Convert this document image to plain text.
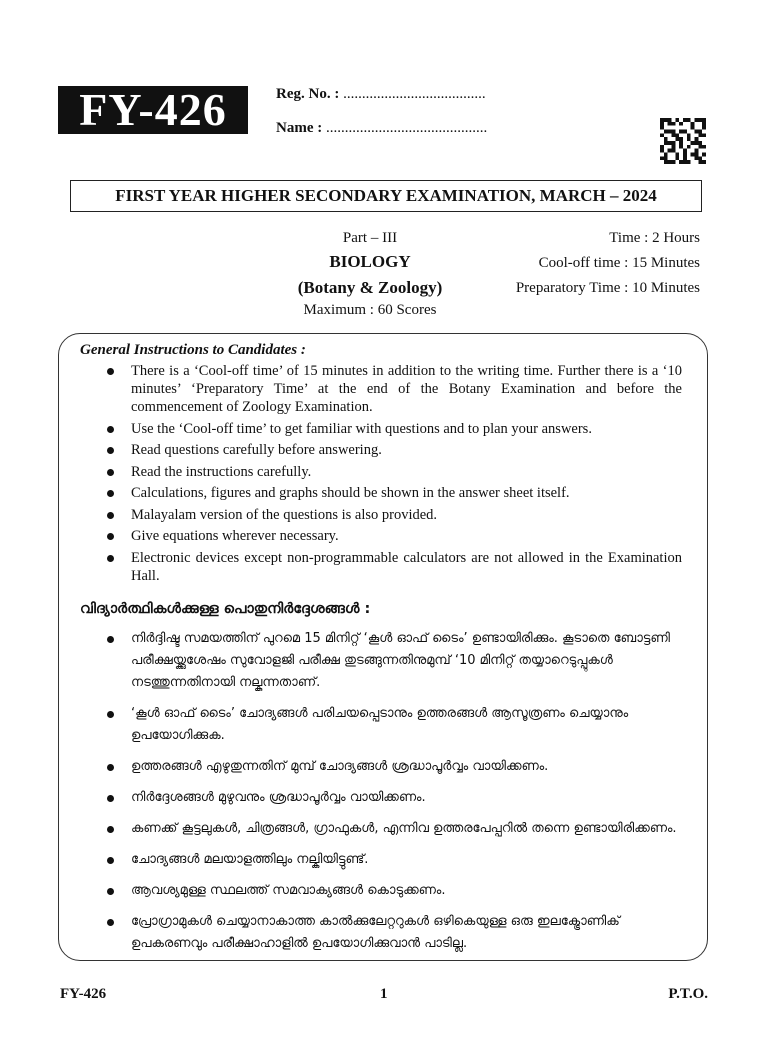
FY-426	Reg. No. : ......................................
Name : ...........................................
FIRST YEAR HIGHER SECONDARY EXAMINATION, MARCH – 2024
Part – III
BIOLOGY
(Botany & Zoology)
Maximum : 60 Scores
Time : 2 Hours
Cool-off time : 15 Minutes
Preparatory Time : 10 Minutes
General Instructions to Candidates :
There is a ‘Cool-off time’ of 15 minutes in addition to the writing time. Further there is a ‘10 minutes’ ‘Preparatory Time’ at the end of the Botany Examination and before the commencement of Zoology Examination.
Use the ‘Cool-off time’ to get familiar with questions and to plan your answers.
Read questions carefully before answering.
Read the instructions carefully.
Calculations, figures and graphs should be shown in the answer sheet itself.
Malayalam version of the questions is also provided.
Give equations wherever necessary.
Electronic devices except non-programmable calculators are not allowed in the Examination Hall.
വിദ്യാർത്ഥികൾക്കുള്ള പൊതുനിർദ്ദേശങ്ങൾ :
നിർദ്ദിഷ്ട സമയത്തിന് പുറമെ 15 മിനിറ്റ് ‘കൂൾ ഓഫ് ടൈം’ ഉണ്ടായിരിക്കും. കൂടാതെ ബോട്ടണി പരീക്ഷയ്ക്കുശേഷം സുവോളജി പരീക്ഷ തുടങ്ങുന്നതിനുമുമ്പ് ‘10 മിനിറ്റ് തയ്യാറെടുപ്പുകൾ നടത്തുന്നതിനായി നല്കുന്നതാണ്.
‘കൂൾ ഓഫ് ടൈം’ ചോദ്യങ്ങൾ പരിചയപ്പെടാനും ഉത്തരങ്ങൾ ആസൂത്രണം ചെയ്യാനും ഉപയോഗിക്കുക.
ഉത്തരങ്ങൾ എഴുതുന്നതിന് മുമ്പ് ചോദ്യങ്ങൾ ശ്രദ്ധാപൂർവ്വം വായിക്കണം.
നിർദ്ദേശങ്ങൾ മുഴുവനും ശ്രദ്ധാപൂർവ്വം വായിക്കണം.
കണക്ക് കൂട്ടലുകൾ, ചിത്രങ്ങൾ, ഗ്രാഫുകൾ, എന്നിവ ഉത്തരപേപ്പറിൽ തന്നെ ഉണ്ടായിരിക്കണം.
ചോദ്യങ്ങൾ മലയാളത്തിലും നല്കിയിട്ടുണ്ട്.
ആവശ്യമുള്ള സ്ഥലത്ത് സമവാക്യങ്ങൾ കൊടുക്കണം.
പ്രോഗ്രാമുകൾ ചെയ്യാനാകാത്ത കാൽക്കുലേറ്ററുകൾ ഒഴികെയുള്ള ഒരു ഇലക്ട്രോണിക് ഉപകരണവും പരീക്ഷാഹാളിൽ ഉപയോഗിക്കുവാൻ പാടില്ല.
FY-426	1	P.T.O.
